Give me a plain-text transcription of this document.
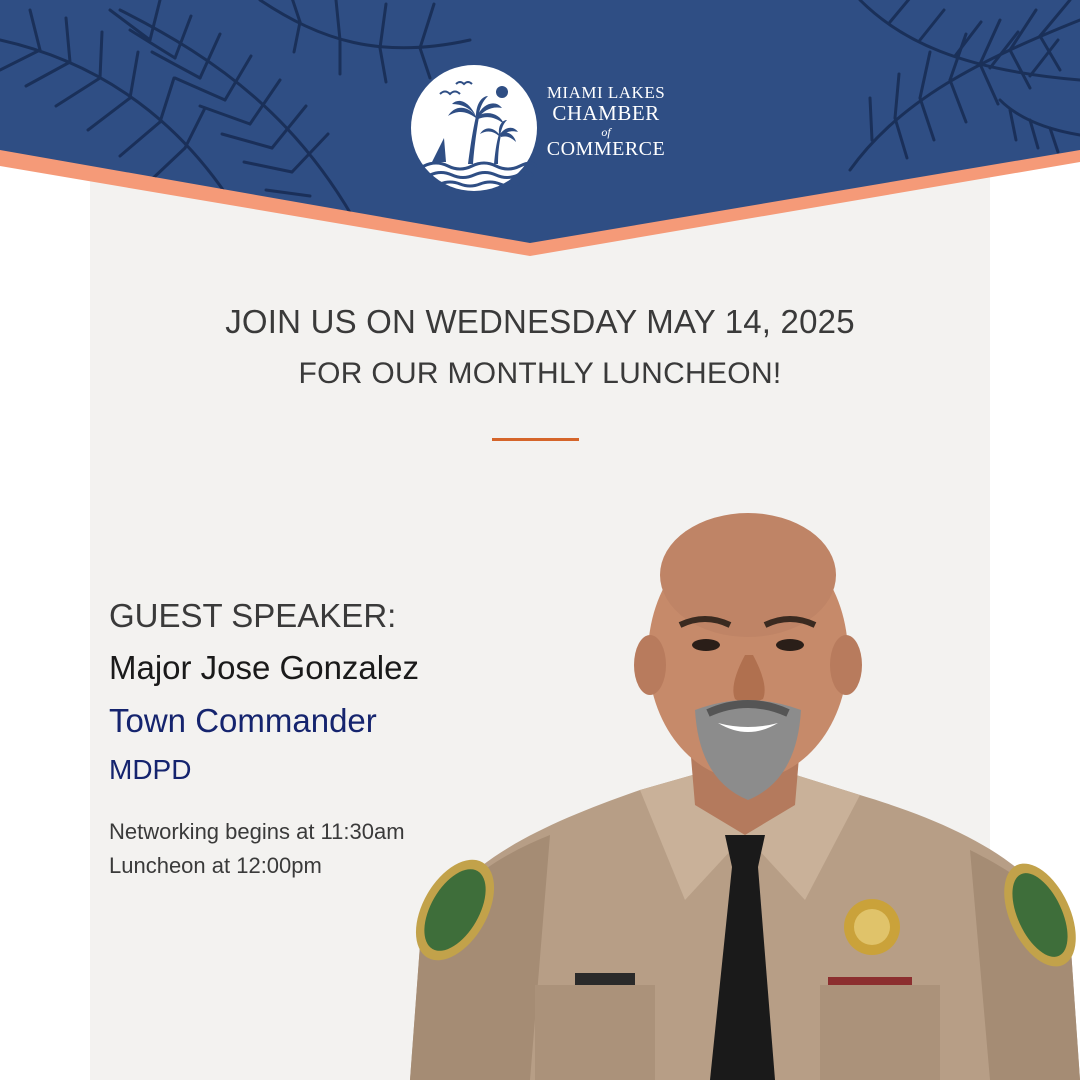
MIAMI LAKES
CHAMBER
of
COMMERCE
JOIN US ON WEDNESDAY MAY 14, 2025
FOR OUR MONTHLY LUNCHEON!
GUEST SPEAKER:
Major Jose Gonzalez
Town Commander
MDPD
Networking begins at 11:30am
Luncheon at 12:00pm
